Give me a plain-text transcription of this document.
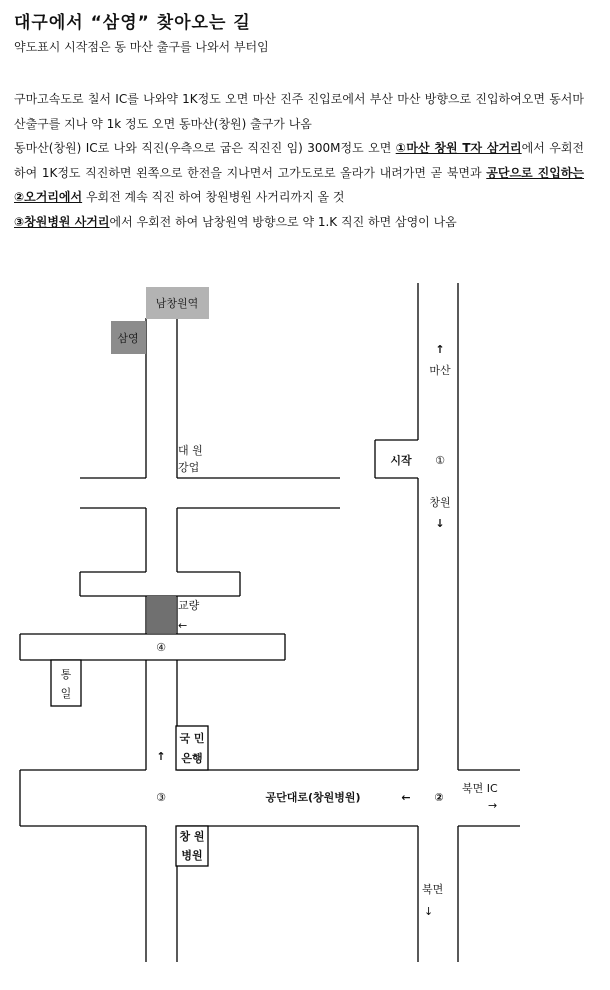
대구에서 “삼영” 찾아오는 길
약도표시 시작점은 동 마산 출구를 나와서 부터임

구마고속도로 칠서 IC를 나와약 1K정도 오면 마산 진주 진입로에서 부산 마산 방향으로 진입하여오면 동서마산출구를 지나 약 1k 정도 오면 동마산(창원) 출구가 나옴

동마산(창원) IC로 나와 직진(우측으로 굽은 직진진 임) 300M정도 오면 ①마산 창원 T자 삼거리에서 우회전하여 1K정도 직진하면 왼쪽으로 한전을 지나면서 고가도로로 올라가 내려가면 곧 북면과 공단으로 진입하는 ②오거리에서 우회전 계속 직진 하여 창원병원 사거리까지 올 것

③창원병원 사거리에서 우회전 하여 남창원역 방향으로 약 1.K 직진 하면 삼영이 나옴

남창원역
삼영
대 원
강업
교량
←
④
통
일
국 민
은행
↑
③	공단대로(창원병원)	← ②
북면 IC
→
창 원
병원
북면
↓
↑
마산
시작 ①
창원
↓
